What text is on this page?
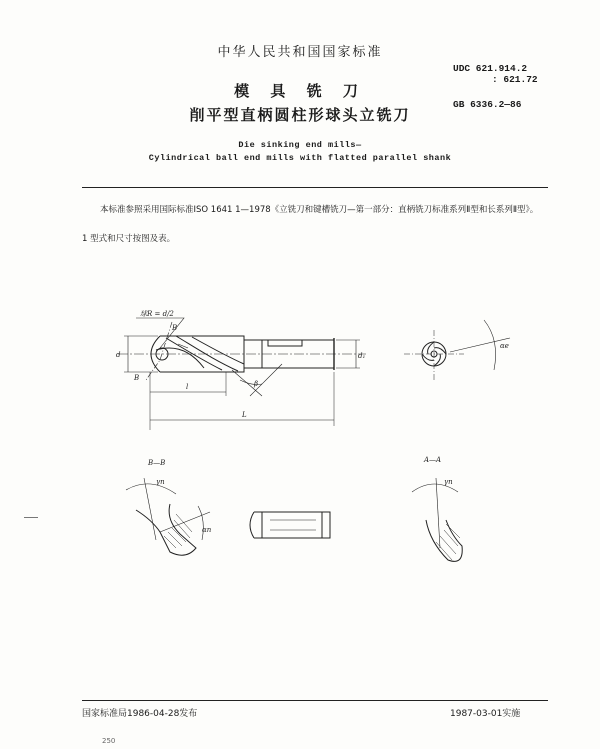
中华人民共和国国家标准
UDC 621.914.2
: 621.72
GB 6336.2—86
模 具 铣 刀
削平型直柄圆柱形球头立铣刀
Die sinking end mills—
Cylindrical ball end mills with flatted parallel shank
本标准参照采用国际标准ISO 1641 1—1978《立铣刀和键槽铣刀—第一部分：直柄铣刀标准系列Ⅱ型和长系列Ⅱ型》。
1 型式和尺寸按图及表。
球R = d/2
B
B
d	d₁
l
L
β
αe
B—B	A—A
γn	γn
αn
国家标准局1986-04-28发布	1987-03-01实施
250
